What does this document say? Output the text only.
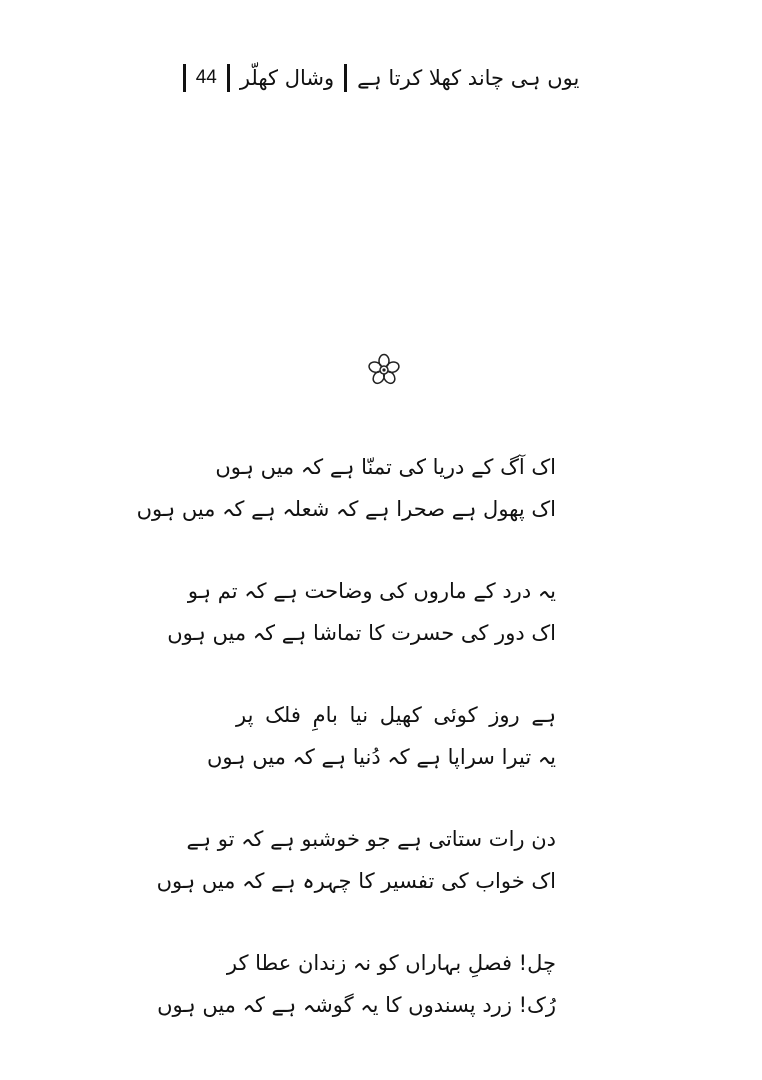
یوں ہی چاند کھلا کرتا ہے
وشال کھلّر
44
اک آگ کے دریا کی تمنّا ہے کہ میں ہوں
اک پھول ہے صحرا ہے کہ شعلہ ہے کہ میں ہوں
یہ درد کے ماروں کی وضاحت ہے کہ تم ہو
اک دور کی حسرت کا تماشا ہے کہ میں ہوں
ہے روز کوئی کھیل نیا بامِ فلک پر
یہ تیرا سراپا ہے کہ دُنیا ہے کہ میں ہوں
دن رات ستاتی ہے جو خوشبو ہے کہ تو ہے
اک خواب کی تفسیر کا چہرہ ہے کہ میں ہوں
چل! فصلِ بہاراں کو نہ زندان عطا کر
رُک! زرد پسندوں کا یہ گوشہ ہے کہ میں ہوں
